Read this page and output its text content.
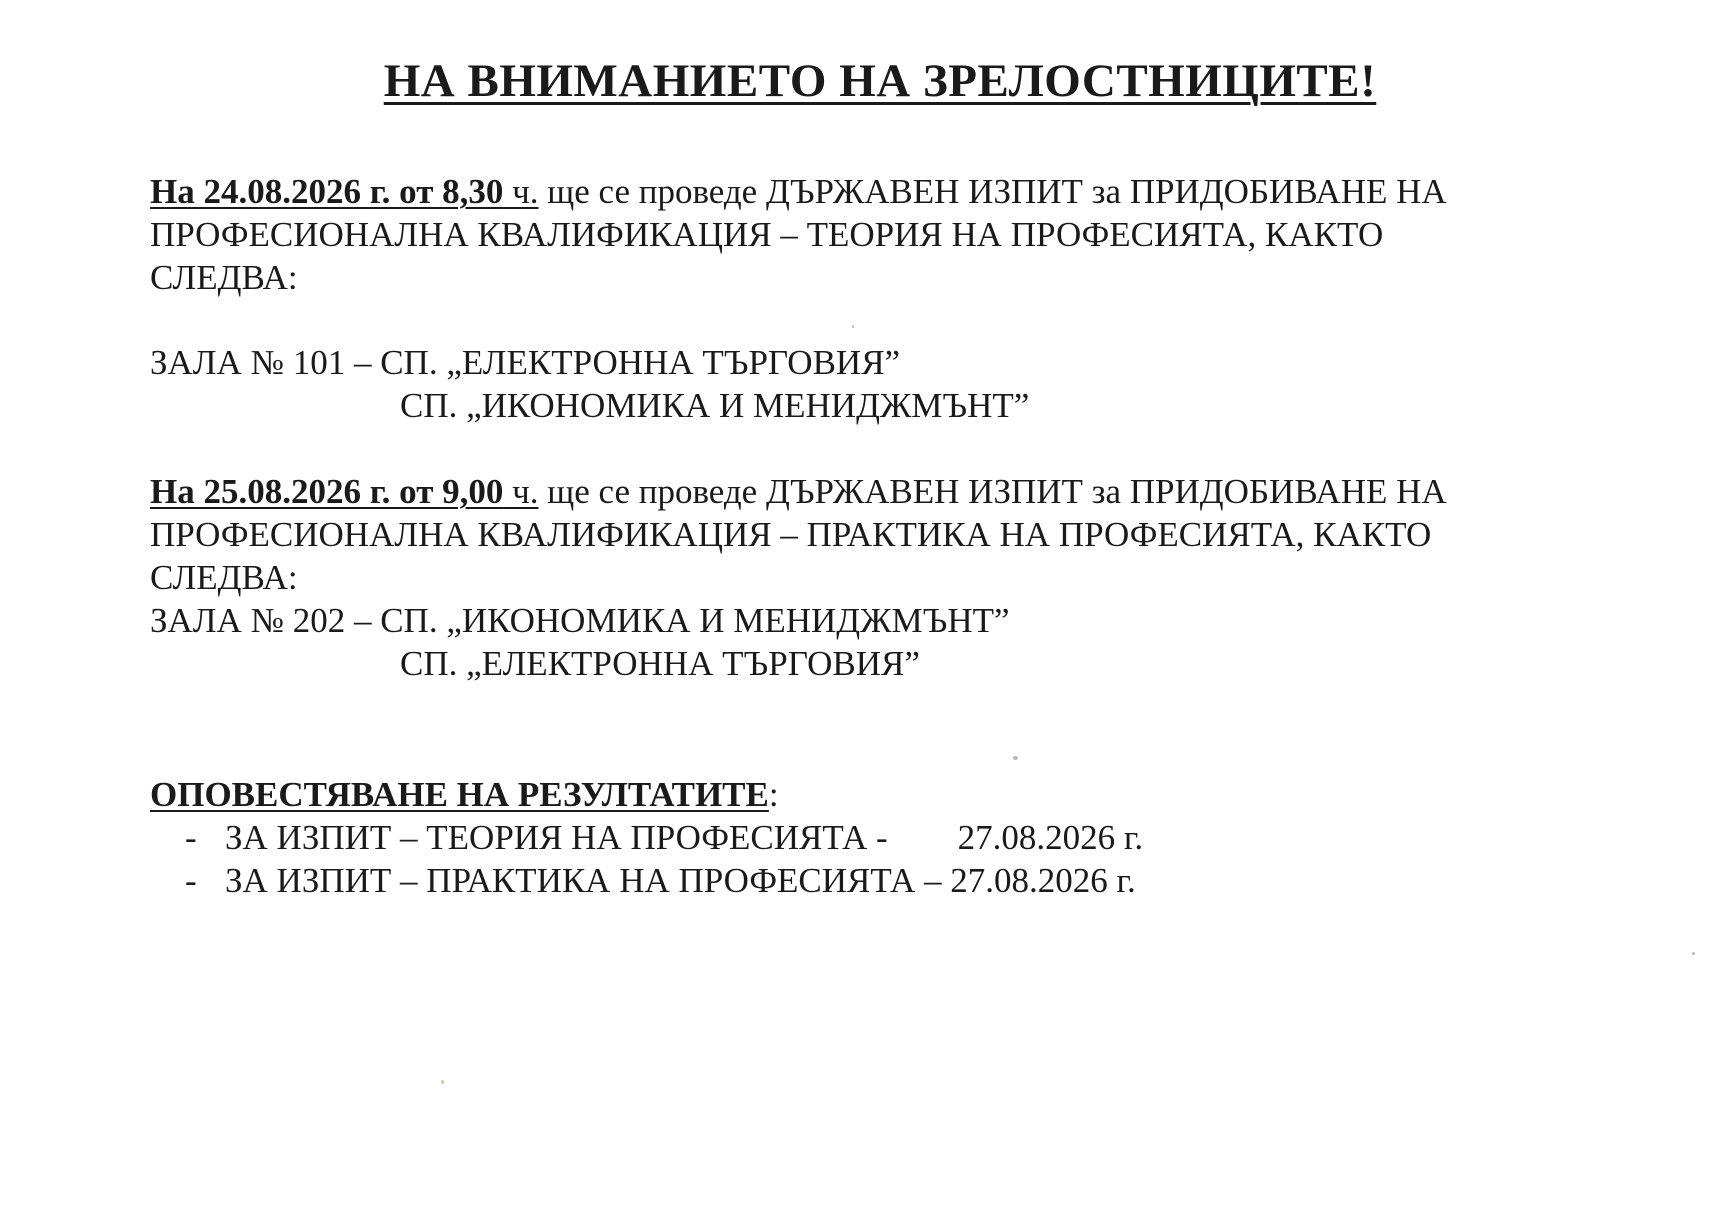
НА ВНИМАНИЕТО НА ЗРЕЛОСТНИЦИТЕ!
На 24.08.2026 г. от 8,30 ч. ще се проведе ДЪРЖАВЕН ИЗПИТ за ПРИДОБИВАНЕ НА
ПРОФЕСИОНАЛНА КВАЛИФИКАЦИЯ – ТЕОРИЯ НА ПРОФЕСИЯТА, КАКТО
СЛЕДВА:
ЗАЛА № 101 – СП. „ЕЛЕКТРОННА ТЪРГОВИЯ”
СП. „ИКОНОМИКА И МЕНИДЖМЪНТ”
На 25.08.2026 г. от 9,00 ч. ще се проведе ДЪРЖАВЕН ИЗПИТ за ПРИДОБИВАНЕ НА
ПРОФЕСИОНАЛНА КВАЛИФИКАЦИЯ – ПРАКТИКА НА ПРОФЕСИЯТА, КАКТО
СЛЕДВА:
ЗАЛА № 202 – СП. „ИКОНОМИКА И МЕНИДЖМЪНТ”
СП. „ЕЛЕКТРОННА ТЪРГОВИЯ”
ОПОВЕСТЯВАНЕ НА РЕЗУЛТАТИТЕ:
- ЗА ИЗПИТ – ТЕОРИЯ НА ПРОФЕСИЯТА - 27.08.2026 г.
- ЗА ИЗПИТ – ПРАКТИКА НА ПРОФЕСИЯТА – 27.08.2026 г.
